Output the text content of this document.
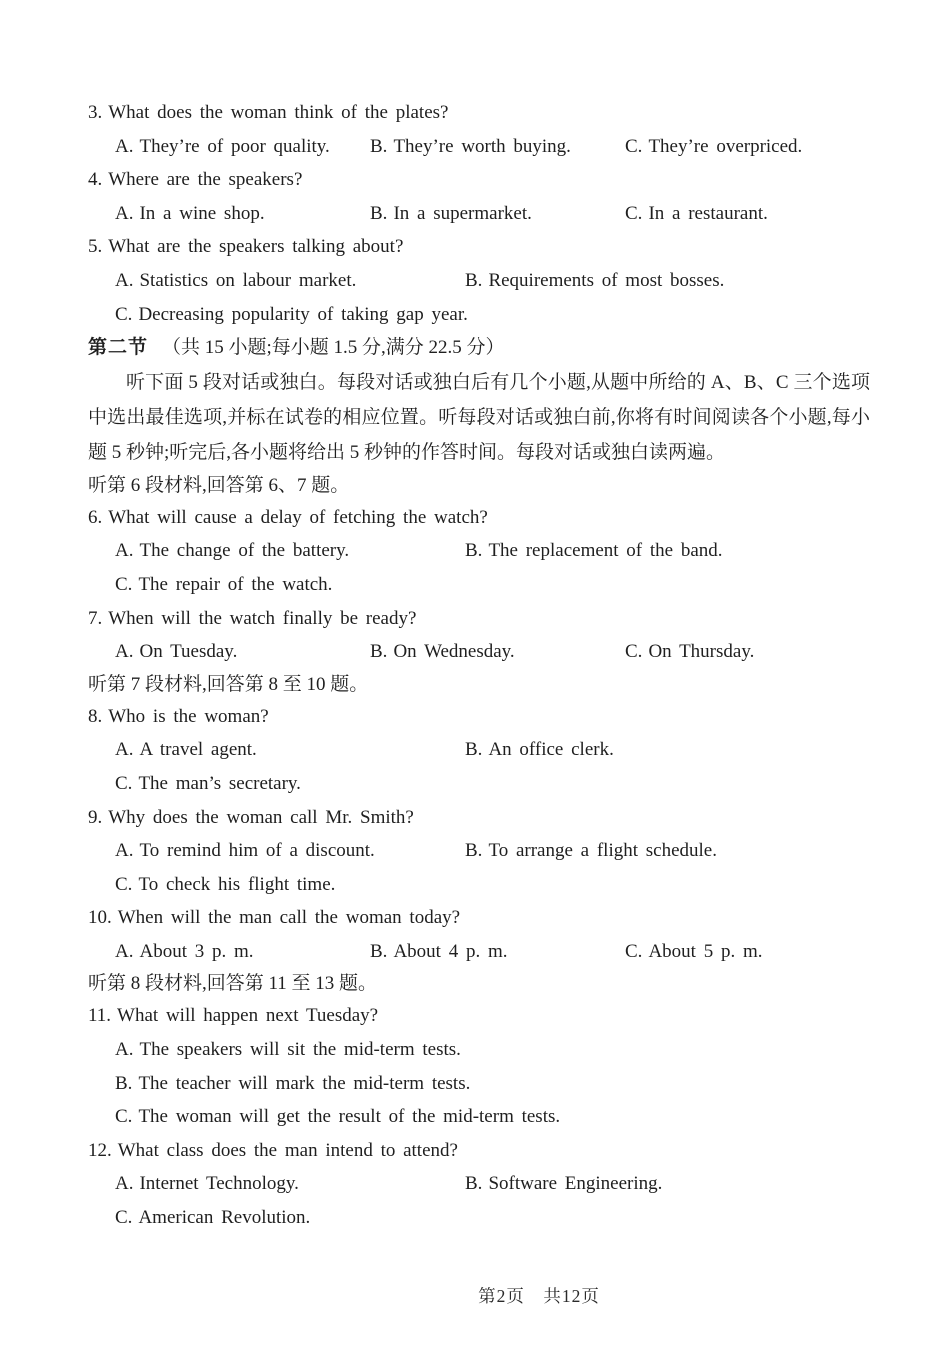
3. What does the woman think of the plates?
A. They’re of poor quality. B. They’re worth buying.	C. They’re overpriced.
4. Where are the speakers?
A. In a wine shop.	B. In a supermarket.	C. In a restaurant.
5. What are the speakers talking about?
A. Statistics on labour market.	B. Requirements of most bosses.
C. Decreasing popularity of taking gap year.
第二节 （共 15 小题;每小题 1.5 分,满分 22.5 分）
听下面 5 段对话或独白。每段对话或独白后有几个小题,从题中所给的 A、B、C 三个选项中选出最佳选项,并标在试卷的相应位置。听每段对话或独白前,你将有时间阅读各个小题,每小题 5 秒钟;听完后,各小题将给出 5 秒钟的作答时间。每段对话或独白读两遍。
听第 6 段材料,回答第 6、7 题。
6. What will cause a delay of fetching the watch?
A. The change of the battery.	B. The replacement of the band.
C. The repair of the watch.
7. When will the watch finally be ready?
A. On Tuesday.	B. On Wednesday.	C. On Thursday.
听第 7 段材料,回答第 8 至 10 题。
8. Who is the woman?
A. A travel agent.	B. An office clerk.
C. The man’s secretary.
9. Why does the woman call Mr. Smith?
A. To remind him of a discount.	B. To arrange a flight schedule.
C. To check his flight time.
10. When will the man call the woman today?
A. About 3 p. m.	B. About 4 p. m.	C. About 5 p. m.
听第 8 段材料,回答第 11 至 13 题。
11. What will happen next Tuesday?
A. The speakers will sit the mid-term tests.
B. The teacher will mark the mid-term tests.
C. The woman will get the result of the mid-term tests.
12. What class does the man intend to attend?
A. Internet Technology.	B. Software Engineering.
C. American Revolution.
第2页　共12页
